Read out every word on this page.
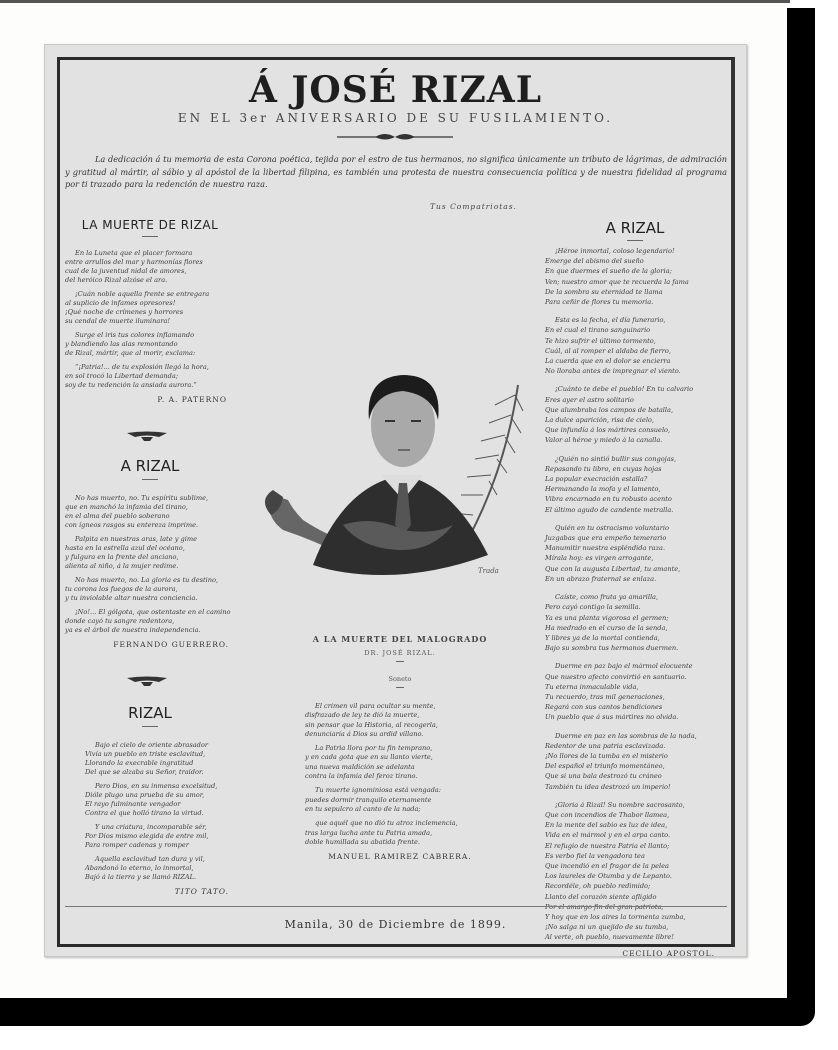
Á JOSÉ RIZAL
EN EL 3er ANIVERSARIO DE SU FUSILAMIENTO.
La dedicación á tu memoria de esta Corona poética, tejida por el estro de tus hermanos, no significa únicamente un tributo de lágrimas, de admiración y gratitud al mártir, al sábio y al apóstol de la libertad filipina, es también una protesta de nuestra consecuencia política y de nuestra fidelidad al programa por ti trazado para la redención de nuestra raza.
Tus Compatriotas.
LA MUERTE DE RIZAL
En la Luneta que el placer formara
entre arrullos del mar y harmonías flores
cual de la juventud nidal de amores,
del heróico Rizal alzóse el ara.
¡Cuán noble aquella frente se entregara
al suplicio de infames opresores!
¡Qué noche de crímenes y horrores
su cendal de muerte iluminara!
Surge el iris tus colores inflamando
y blandiendo las alas remontando
de Rizal, mártir, que al morir, exclama:
“¡Patria!... de tu explosión llegó la hora,
en sol trocó la Libertad demanda;
soy de tu redención la ansiada aurora.”
P. A. PATERNO
A RIZAL
No has muerto, no. Tu espíritu sublime,
que en manchó la infamia del tirano,
en el alma del pueblo soberano
con ígneos rasgos su entereza imprime.
Palpita en nuestras aras, late y gime
hasta en la estrella azul del océano,
y fulgura en la frente del anciano,
alienta al niño, á la mujer redime.
No has muerto, no. La gloria es tu destino,
tu corona los fuegos de la aurora,
y tu inviolable altar nuestra conciencia.
¡No!... El gólgota, que ostentaste en el camino
donde cayó tu sangre redentora,
ya es el árbol de nuestra independencia.
FERNANDO GUERRERO.
RIZAL
Bajo el cielo de oriente abrasador
Vivía un pueblo en triste esclavitud,
Llorando la execrable ingratitud
Del que se alzaba su Señor, traidor.
Pero Dios, en su inmensa excelsitud,
Dióle plugo una prueba de su amor,
El rayo fulminante vengador
Contra el que holló tirano la virtud.
Y una criatura, incomparable sér,
Por Dios mismo elegida de entre mil,
Para romper cadenas y romper
Aquella esclavitud tan dura y vil,
Abandonó lo eterno, lo inmortal,
Bajó á la tierra y se llamó RIZAL.
TITO TATO.
Trada
A LA MUERTE DEL MALOGRADO
DR. JOSÉ RIZAL.
Soneto
El crimen vil para ocultar su mente,
disfrazado de ley te dió la muerte,
sin pensar que la Historia, al recogerla,
denunciaría á Dios su ardid villano.
La Patria llora por tu fin temprano,
y en cada gota que en su llanto vierte,
una nueva maldición se adelanta
contra la infamia del feroz tirano.
Tu muerte ignominiosa está vengada:
puedes dormir tranquilo eternamente
en tu sepulcro al canto de la nada;
que aquél que no dió tu atroz inclemencia,
tras larga lucha ante tu Patria amada,
doble humillada su abatida frente.
MANUEL RAMIREZ CABRERA.
A RIZAL
¡Héroe inmortal, coloso legendario!
Emerge del abismo del sueño
En que duermes el sueño de la gloria;
Ven; nuestro amor que te recuerda la fama
De la sombra su eternidad te llama
Para ceñir de flores tu memoria.
Esta es la fecha, el día funerario,
En el cual el tirano sanguinario
Te hizo sufrir el último tormento,
Cuál, al al romper el aldaba de fierro,
La cuerda que en el dolor se encierra
No lloraba antes de impregnar el viento.
¡Cuánto te debe el pueblo! En tu calvario
Eres ayer el astro solitario
Que alumbraba los campos de batalla,
La dulce aparición, risa de cielo,
Que infundía á los mártires consuelo,
Valor al héroe y miedo á la canalla.
¿Quién no sintió bullir sus congojas,
Repasando tu libro, en cuyas hojas
La popular execración estalla?
Hermanando la mofa y el lamento,
Vibra encarnado en tu robusto acento
El último agudo de candente metralla.
Quién en tu ostracismo voluntario
Juzgabas que era empeño temerario
Manumitir nuestra espléndida raza.
Mírala hoy: es virgen arrogante,
Que con la augusta Libertad, tu amante,
En un abrazo fraternal se enlaza.
Caíste, como fruta ya amarilla,
Pero cayó contigo la semilla.
Ya es una planta vigorosa el germen;
Ha medrado en el curso de la senda,
Y libres ya de la mortal contienda,
Bajo su sombra tus hermanos duermen.
Duerme en paz bajo el mármol elocuente
Que nuestro afecto convirtió en santuario.
Tu eterna inmaculable vida,
Tu recuerdo, tras mil generaciones,
Regará con sus cantos bendiciones
Un pueblo que á sus mártires no olvida.
Duerme en paz en las sombras de la nada,
Redentor de una patria esclavizada.
¡No llores de la tumba en el misterio
Del español el triunfo momentáneo,
Que si una bala destrozó tu cráneo
También tu idea destrozó un imperio!
¡Gloria á Rizal! Su nombre sacrosanto,
Que con incendios de Thabor llamea,
En la mente del sabio es luz de idea,
Vida en el mármol y en el arpa canto.
El refugio de nuestra Patria el llanto;
Es verbo fiel la vengadora tea
Que incendió en el fragor de la pelea
Los laureles de Otumba y de Lepanto.
Recordéle, oh pueblo redimido;
Llanto del corazón siente afligido
Por el amargo fin del gran patriota;
Y hoy que en los aires la tormenta zumba,
¡No salga ni un quejido de su tumba,
Al verte, oh pueblo, nuevamente libre!
CECILIO APOSTOL.
Manila, 30 de Diciembre de 1899.
